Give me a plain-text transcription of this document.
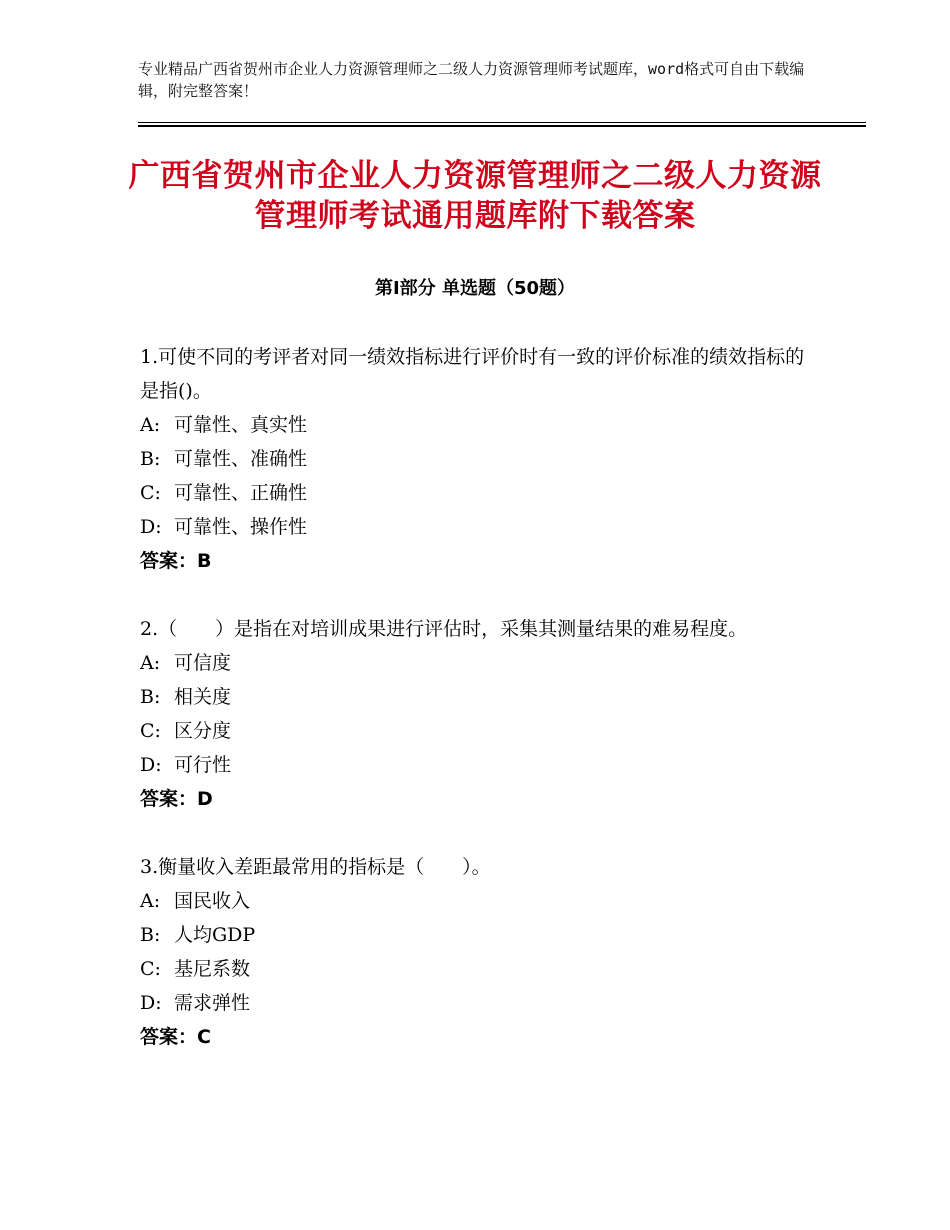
专业精品广西省贺州市企业人力资源管理师之二级人力资源管理师考试题库，word格式可自由下载编辑，附完整答案！
广西省贺州市企业人力资源管理师之二级人力资源管理师考试通用题库附下载答案
第Ⅰ部分 单选题（50题）

1.可使不同的考评者对同一绩效指标进行评价时有一致的评价标准的绩效指标的是指()。

A: 可靠性、真实性

B: 可靠性、准确性

C: 可靠性、正确性

D: 可靠性、操作性

答案：B

2.（　　）是指在对培训成果进行评估时，采集其测量结果的难易程度。

A: 可信度

B: 相关度

C: 区分度

D: 可行性

答案：D

3.衡量收入差距最常用的指标是（　　）。

A: 国民收入

B: 人均GDP

C: 基尼系数

D: 需求弹性

答案：C
